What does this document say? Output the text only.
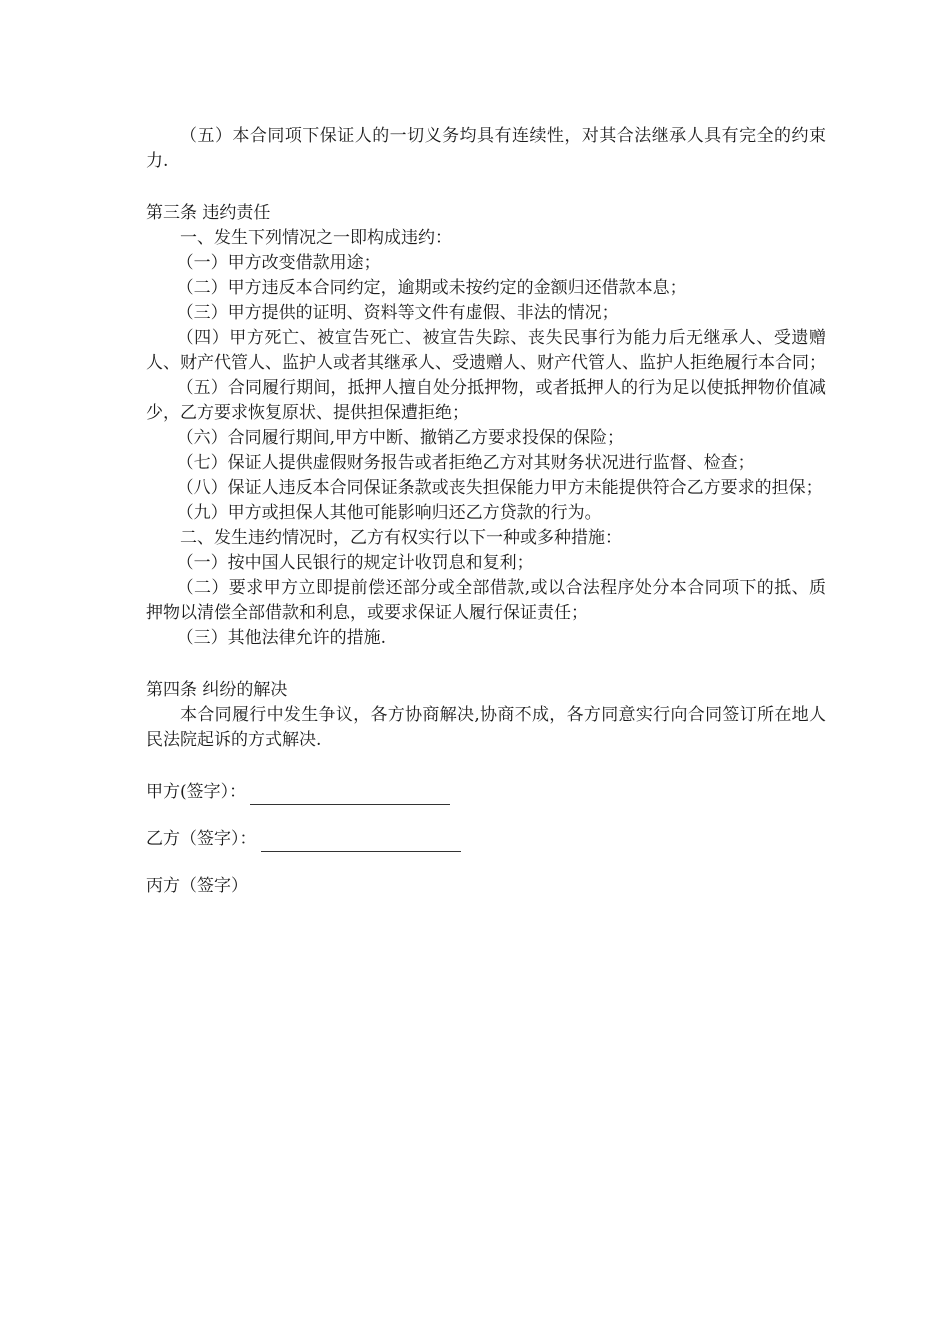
（五）本合同项下保证人的一切义务均具有连续性，对其合法继承人具有完全的约束力.

第三条 违约责任

一、发生下列情况之一即构成违约：

（一）甲方改变借款用途；

（二）甲方违反本合同约定，逾期或未按约定的金额归还借款本息；

（三）甲方提供的证明、资料等文件有虚假、非法的情况；

（四）甲方死亡、被宣告死亡、被宣告失踪、丧失民事行为能力后无继承人、受遗赠人、财产代管人、监护人或者其继承人、受遗赠人、财产代管人、监护人拒绝履行本合同；

（五）合同履行期间，抵押人擅自处分抵押物，或者抵押人的行为足以使抵押物价值减少，乙方要求恢复原状、提供担保遭拒绝；

（六）合同履行期间,甲方中断、撤销乙方要求投保的保险；

（七）保证人提供虚假财务报告或者拒绝乙方对其财务状况进行监督、检查；

（八）保证人违反本合同保证条款或丧失担保能力甲方未能提供符合乙方要求的担保；

（九）甲方或担保人其他可能影响归还乙方贷款的行为。

二、发生违约情况时，乙方有权实行以下一种或多种措施：

（一）按中国人民银行的规定计收罚息和复利；

（二）要求甲方立即提前偿还部分或全部借款,或以合法程序处分本合同项下的抵、质押物以清偿全部借款和利息，或要求保证人履行保证责任；

（三）其他法律允许的措施.

第四条 纠纷的解决

本合同履行中发生争议，各方协商解决,协商不成，各方同意实行向合同签订所在地人民法院起诉的方式解决.

甲方(签字）：

乙方（签字）：

丙方（签字）
